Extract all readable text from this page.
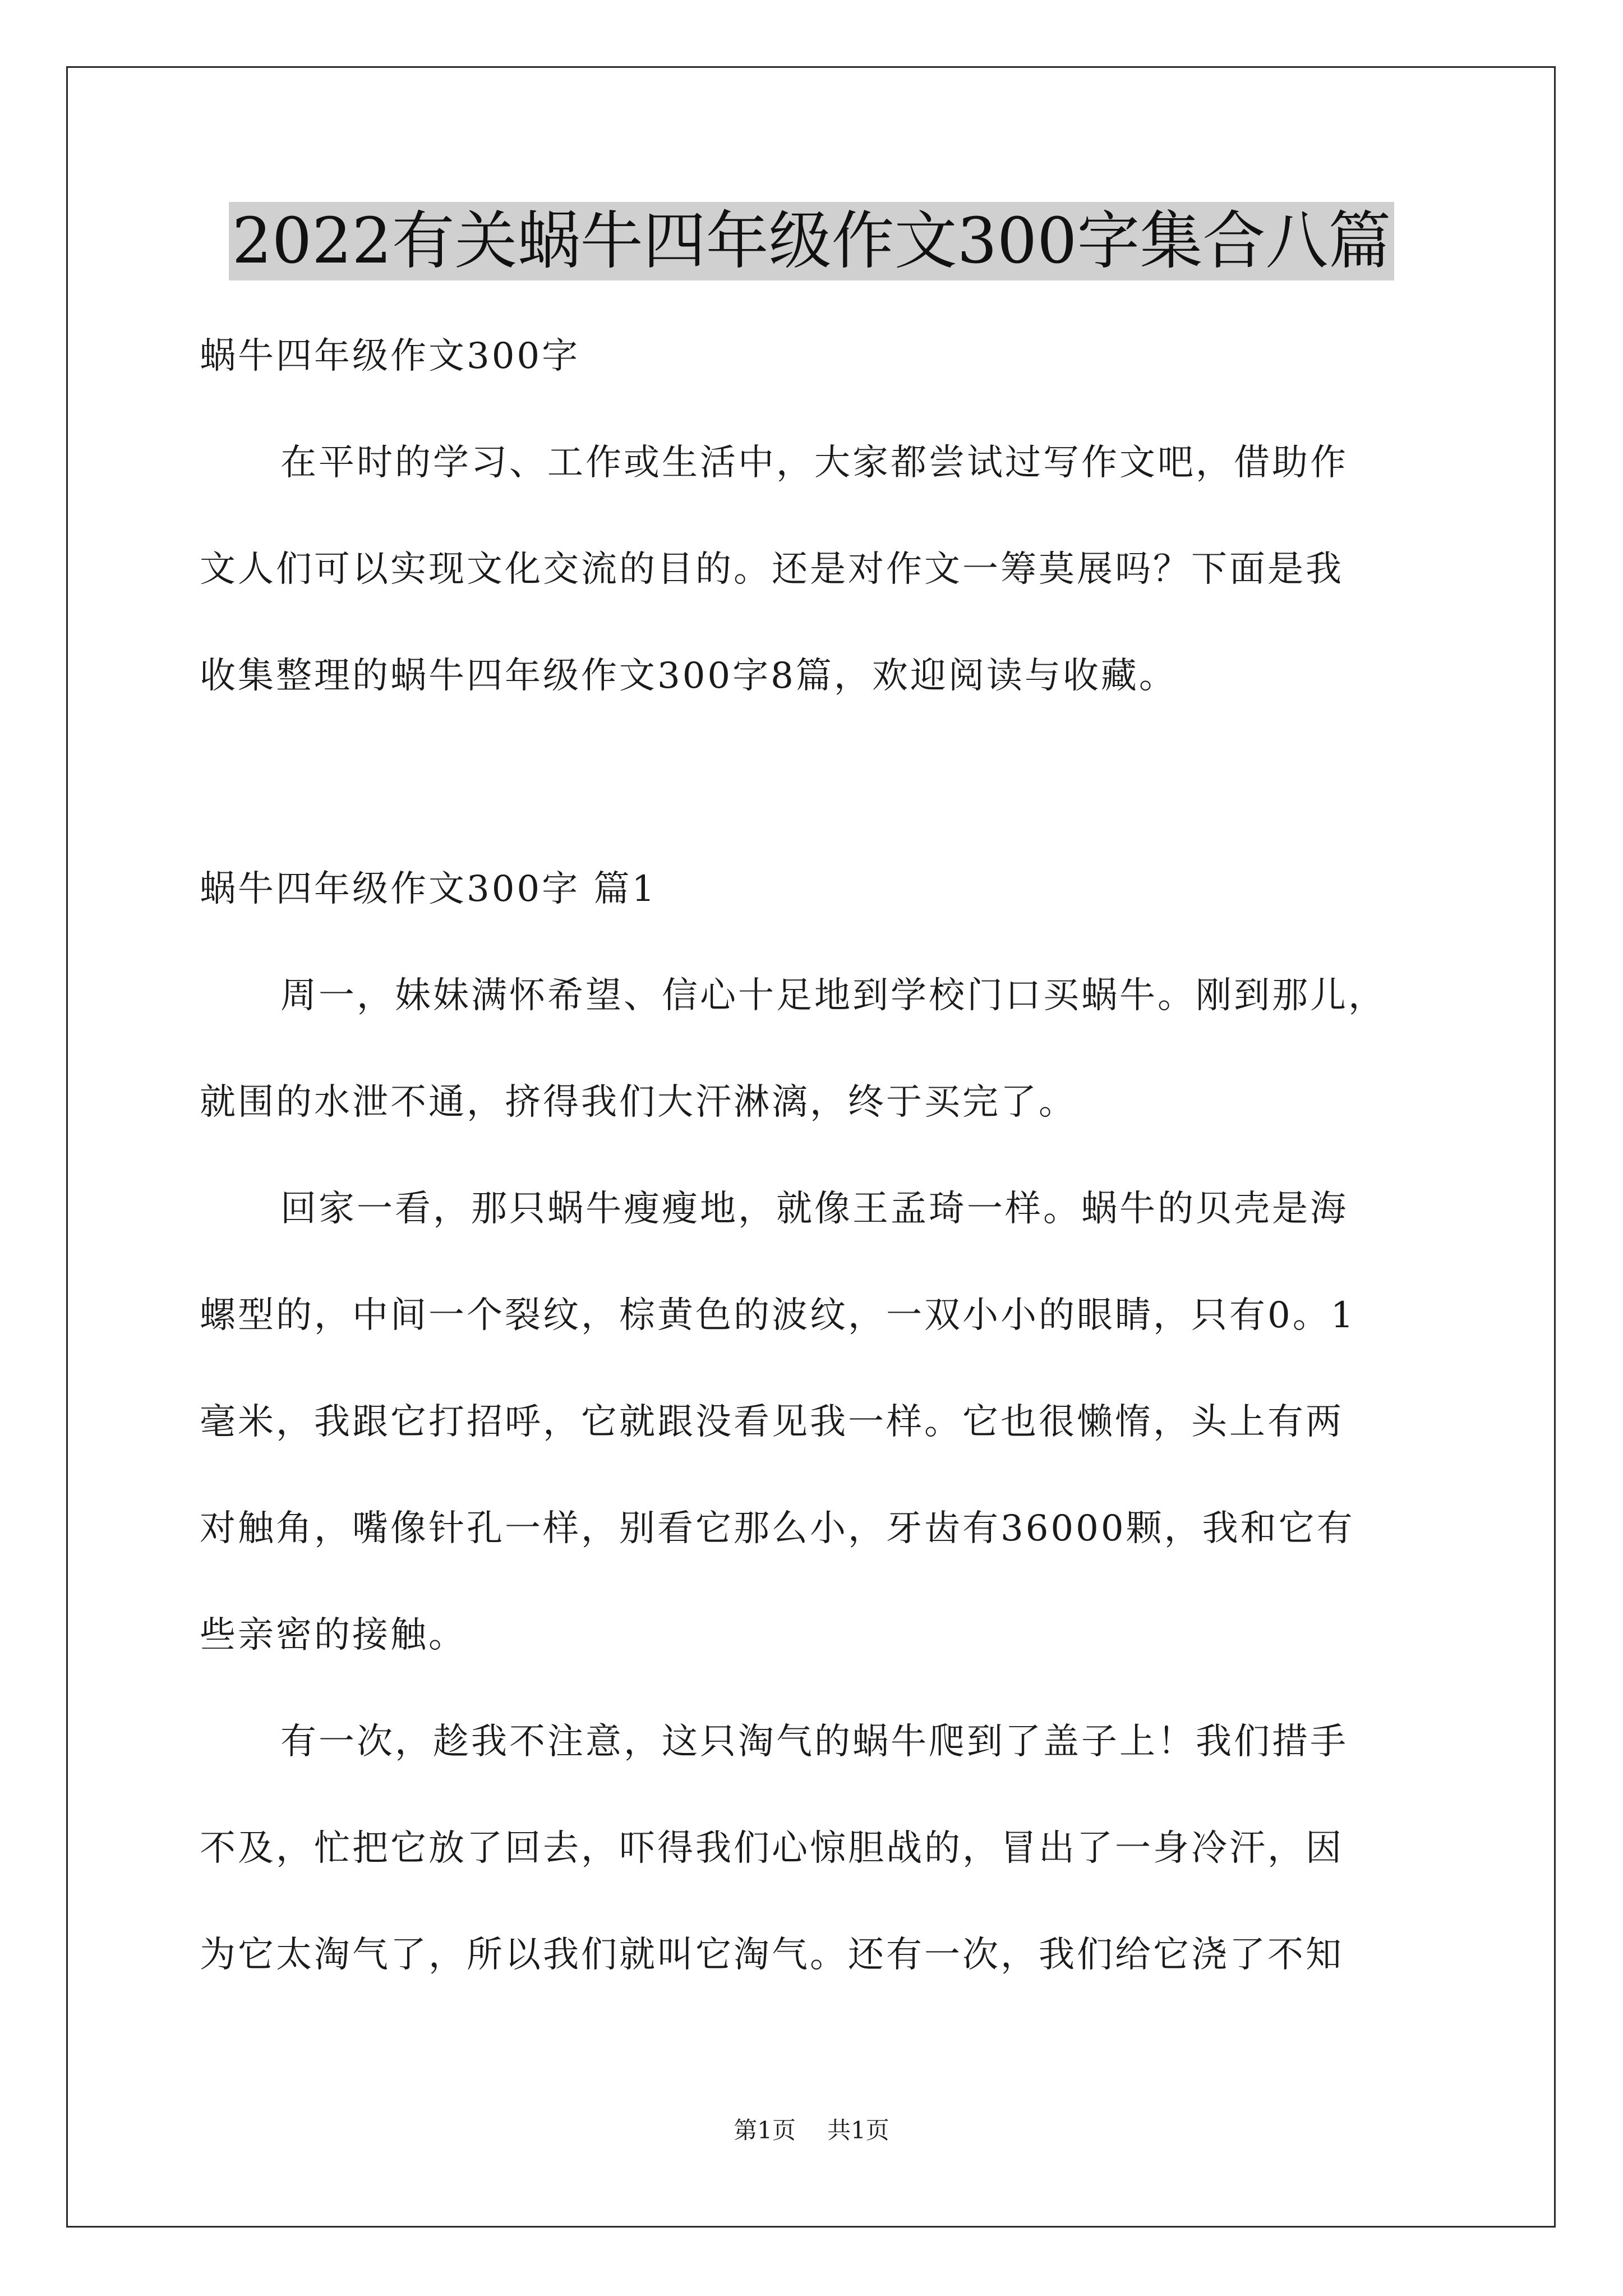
2022有关蜗牛四年级作文300字集合八篇
蜗牛四年级作文300字
在平时的学习、工作或生活中，大家都尝试过写作文吧，借助作
文人们可以实现文化交流的目的。还是对作文一筹莫展吗？下面是我
收集整理的蜗牛四年级作文300字8篇，欢迎阅读与收藏。
蜗牛四年级作文300字 篇1
周一，妹妹满怀希望、信心十足地到学校门口买蜗牛。刚到那儿，
就围的水泄不通，挤得我们大汗淋漓，终于买完了。
回家一看，那只蜗牛瘦瘦地，就像王孟琦一样。蜗牛的贝壳是海
螺型的，中间一个裂纹，棕黄色的波纹，一双小小的眼睛，只有0。1
毫米，我跟它打招呼，它就跟没看见我一样。它也很懒惰，头上有两
对触角，嘴像针孔一样，别看它那么小，牙齿有36000颗，我和它有
些亲密的接触。
有一次，趁我不注意，这只淘气的蜗牛爬到了盖子上！我们措手
不及，忙把它放了回去，吓得我们心惊胆战的，冒出了一身冷汗，因
为它太淘气了，所以我们就叫它淘气。还有一次，我们给它浇了不知
第1页 共1页
